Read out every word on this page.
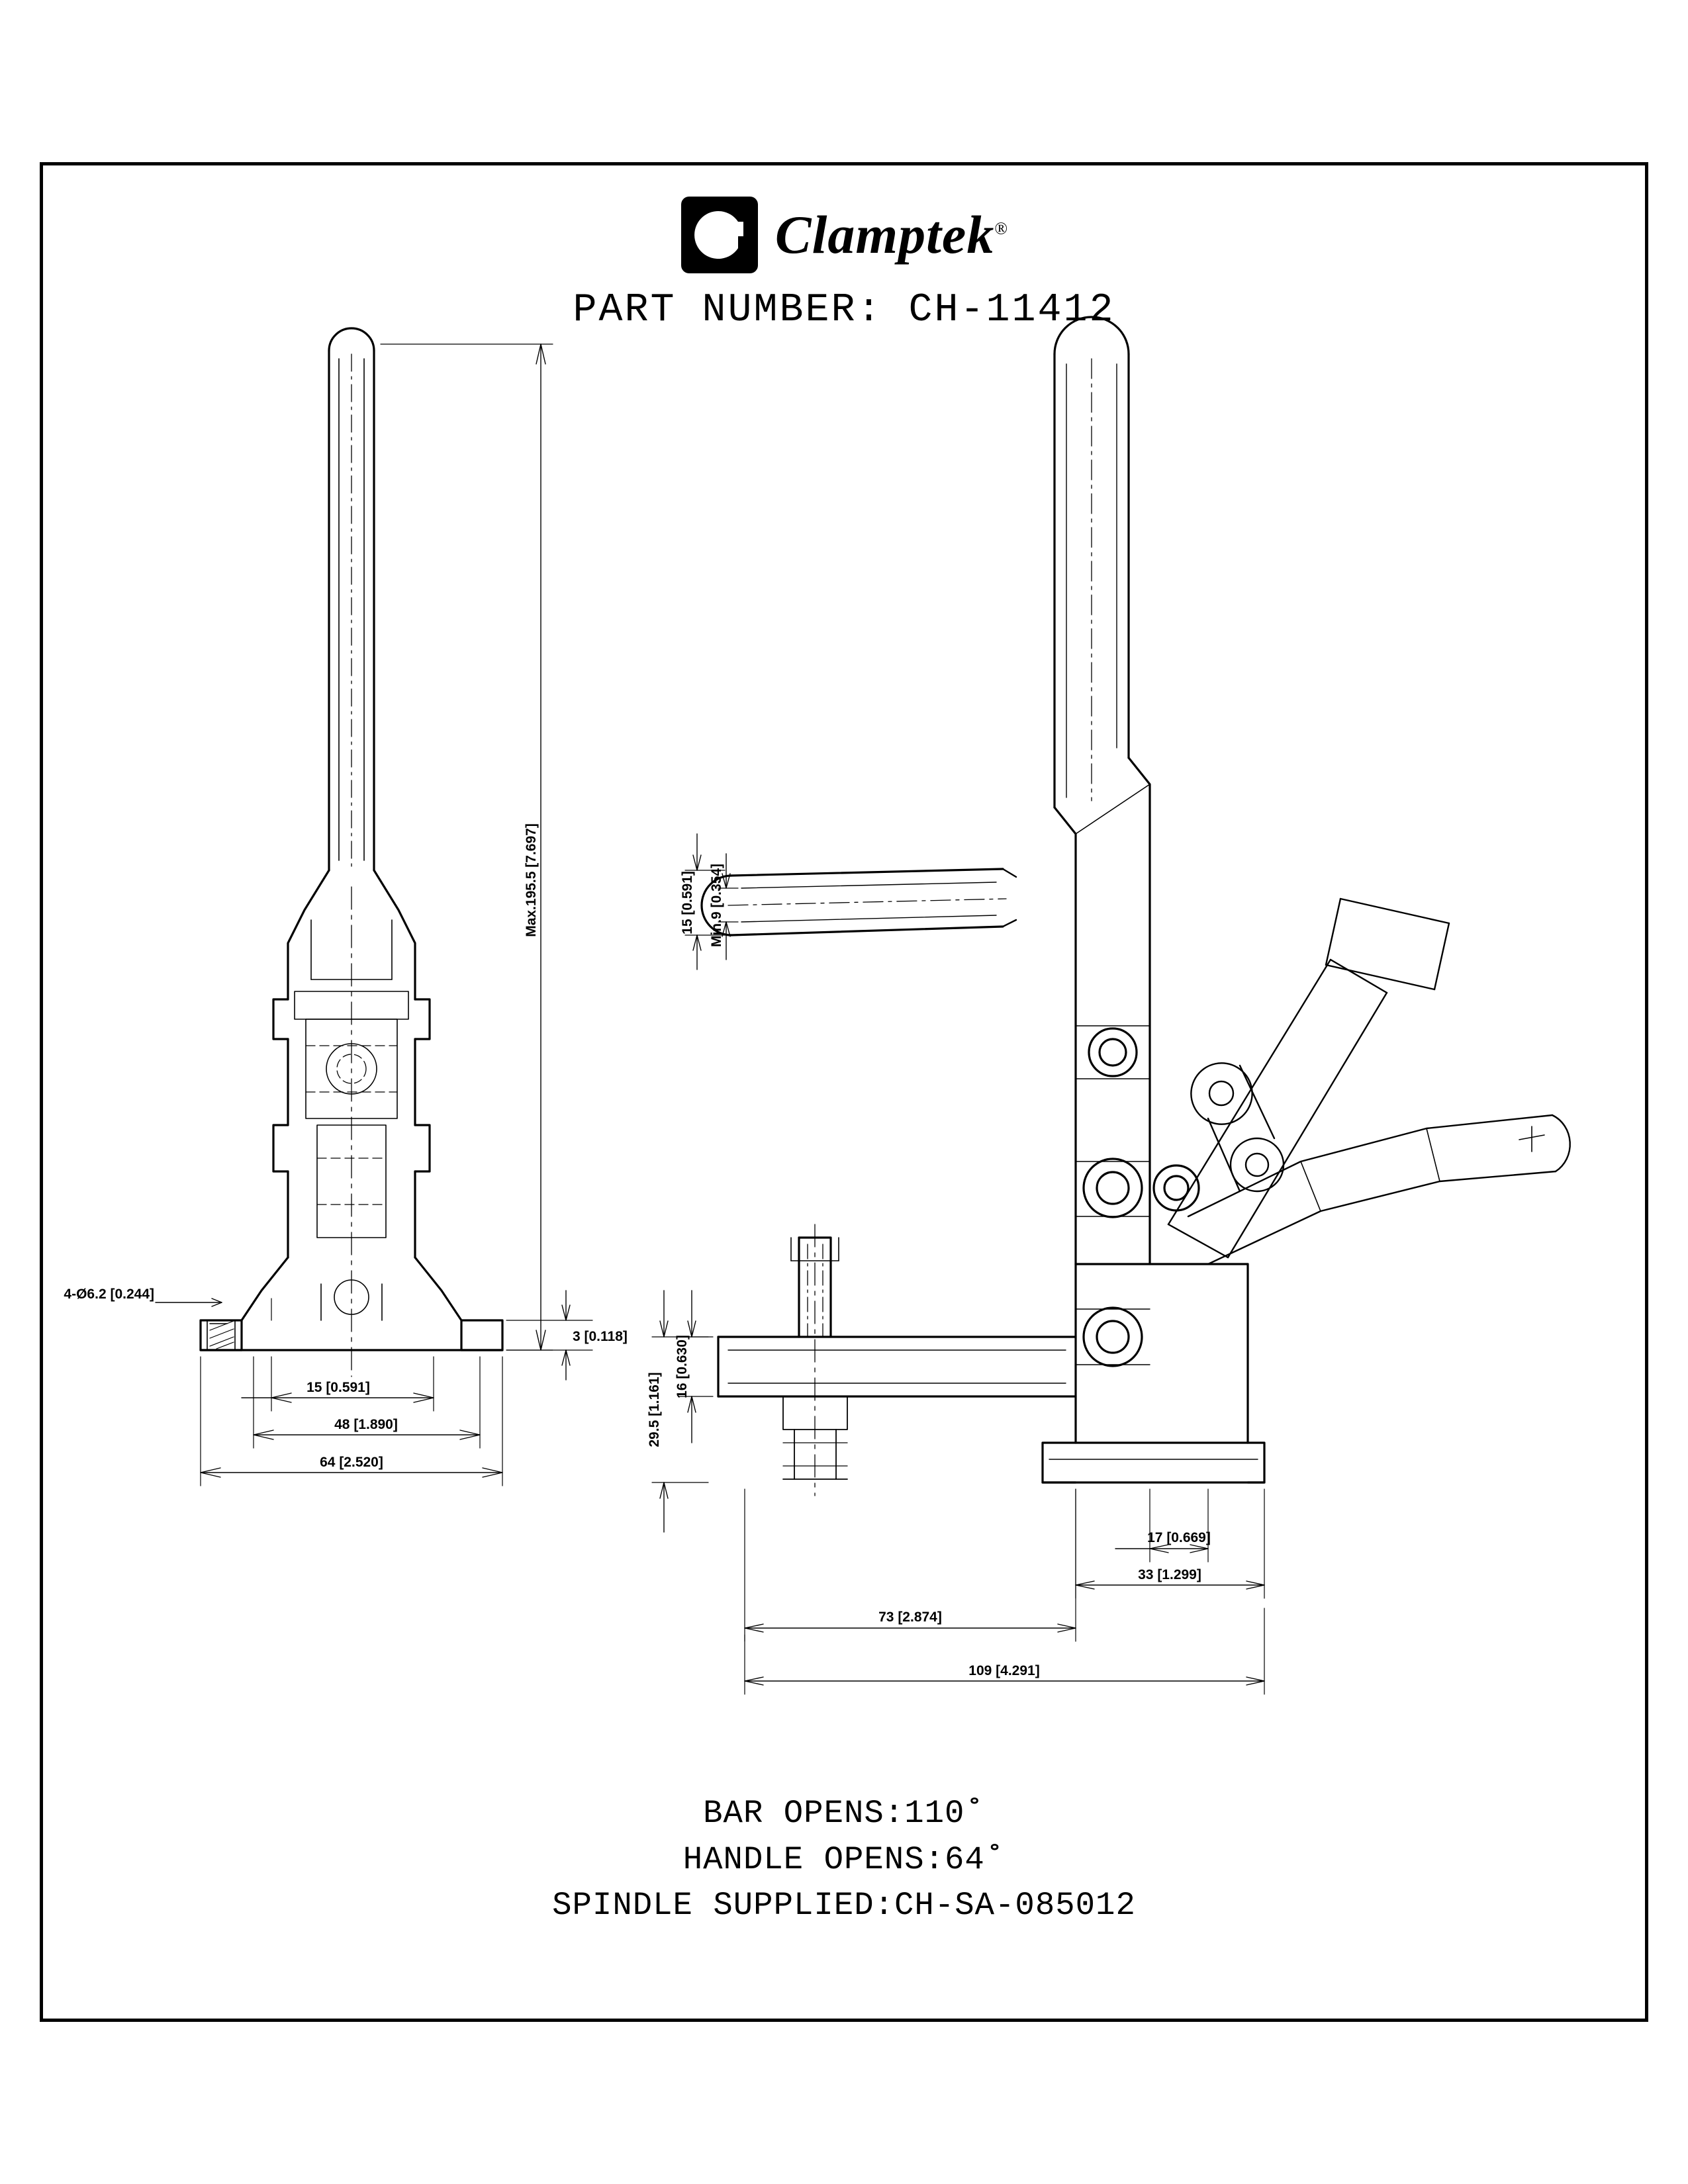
Clamptek®
PART NUMBER: CH-11412
Max.195.5 [7.697]
4-Ø6.2 [0.244]
15 [0.591]
48 [1.890]
64 [2.520]
3 [0.118]
15 [0.591] Min.9 [0.354]
16 [0.630]
29.5 [1.161]
17 [0.669]
33 [1.299]
73 [2.874]
109 [4.291]
BAR OPENS:110˚
HANDLE OPENS:64˚
SPINDLE SUPPLIED:CH-SA-085012
